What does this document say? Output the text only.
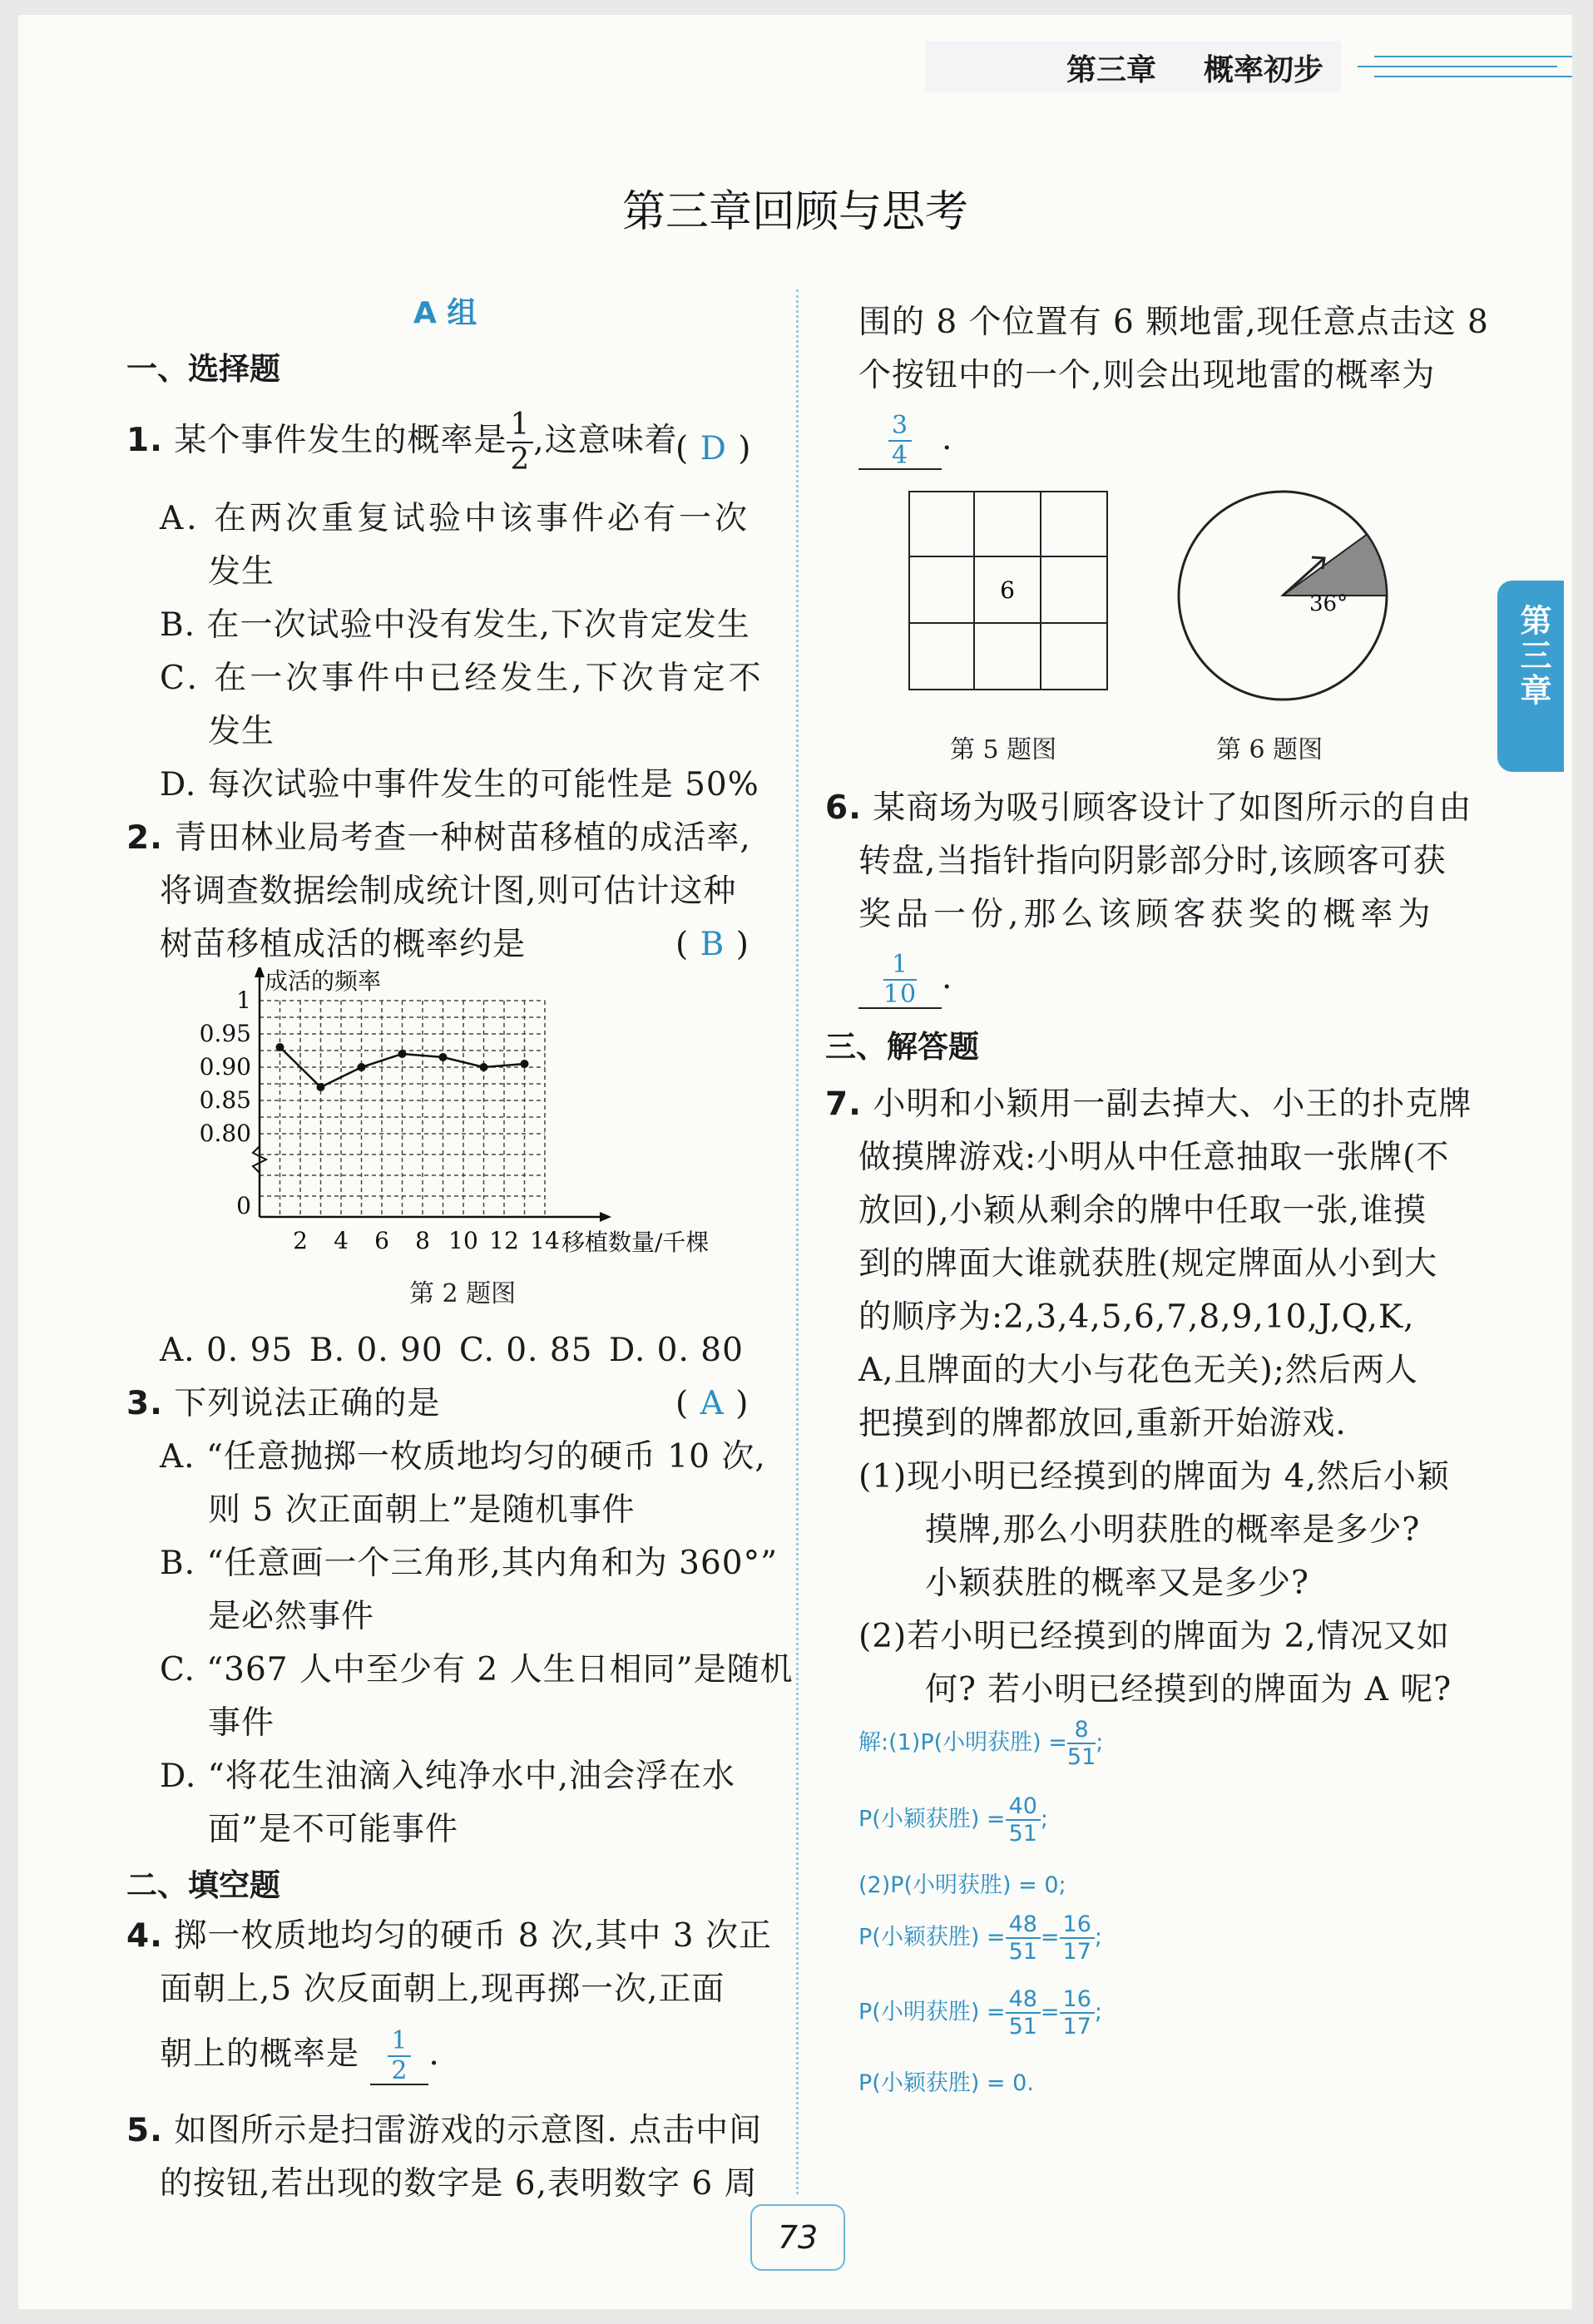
第三章 概率初步
第三章
第三章回顾与思考
A 组
一、选择题
1. 某个事件发生的概率是 $\frac{1}{2}$ ,这意味着
( D )
A. 在两次重复试验中该事件必有一次
发生
B. 在一次试验中没有发生,下次肯定发生
C. 在一次事件中已经发生,下次肯定不
发生
D. 每次试验中事件发生的可能性是 50%
2. 青田林业局考查一种树苗移植的成活率,
将调查数据绘制成统计图,则可估计这种
树苗移植成活的概率约是	( B )
0
0.80
0.85
0.90
0.95
1
2 4 6 8 10 12 14
成活的频率
移植数量/千棵
第 2 题图
A. 0. 95 B. 0. 90 C. 0. 85 D. 0. 80
3. 下列说法正确的是	( A )
A. “任意抛掷一枚质地均匀的硬币 10 次,
则 5 次正面朝上”是随机事件
B. “任意画一个三角形,其内角和为 360°”
是必然事件
C. “367 人中至少有 2 人生日相同”是随机
事件
D. “将花生油滴入纯净水中,油会浮在水
面”是不可能事件
二、填空题
4. 掷一枚质地均匀的硬币 8 次,其中 3 次正
面朝上,5 次反面朝上,现再掷一次,正面
朝上的概率是 $\frac{1}{2}$ .
5. 如图所示是扫雷游戏的示意图. 点击中间
的按钮,若出现的数字是 6,表明数字 6 周
围的 8 个位置有 6 颗地雷,现任意点击这 8
个按钮中的一个,则会出现地雷的概率为
$\frac{3}{4}$ .
6
第 5 题图
36°
第 6 题图
6. 某商场为吸引顾客设计了如图所示的自由
转盘,当指针指向阴影部分时,该顾客可获
奖品一份,那么该顾客获奖的概率为
$\frac{1}{10}$ .
三、解答题
7. 小明和小颖用一副去掉大、小王的扑克牌
做摸牌游戏:小明从中任意抽取一张牌(不
放回),小颖从剩余的牌中任取一张,谁摸
到的牌面大谁就获胜(规定牌面从小到大
的顺序为:2,3,4,5,6,7,8,9,10,J,Q,K,
A,且牌面的大小与花色无关);然后两人
把摸到的牌都放回,重新开始游戏.
(1)现小明已经摸到的牌面为 4,然后小颖
摸牌,那么小明获胜的概率是多少?
小颖获胜的概率又是多少?
(2)若小明已经摸到的牌面为 2,情况又如
何? 若小明已经摸到的牌面为 A 呢?
解:(1)P(小明获胜) = $\frac{8}{51}$ ;
P(小颖获胜) = $\frac{40}{51}$ ;
(2)P(小明获胜) = 0;
P(小颖获胜) = $\frac{48}{51} = \frac{16}{17}$ ;
P(小明获胜) = $\frac{48}{51} = \frac{16}{17}$ ;
P(小颖获胜) = 0.
73
